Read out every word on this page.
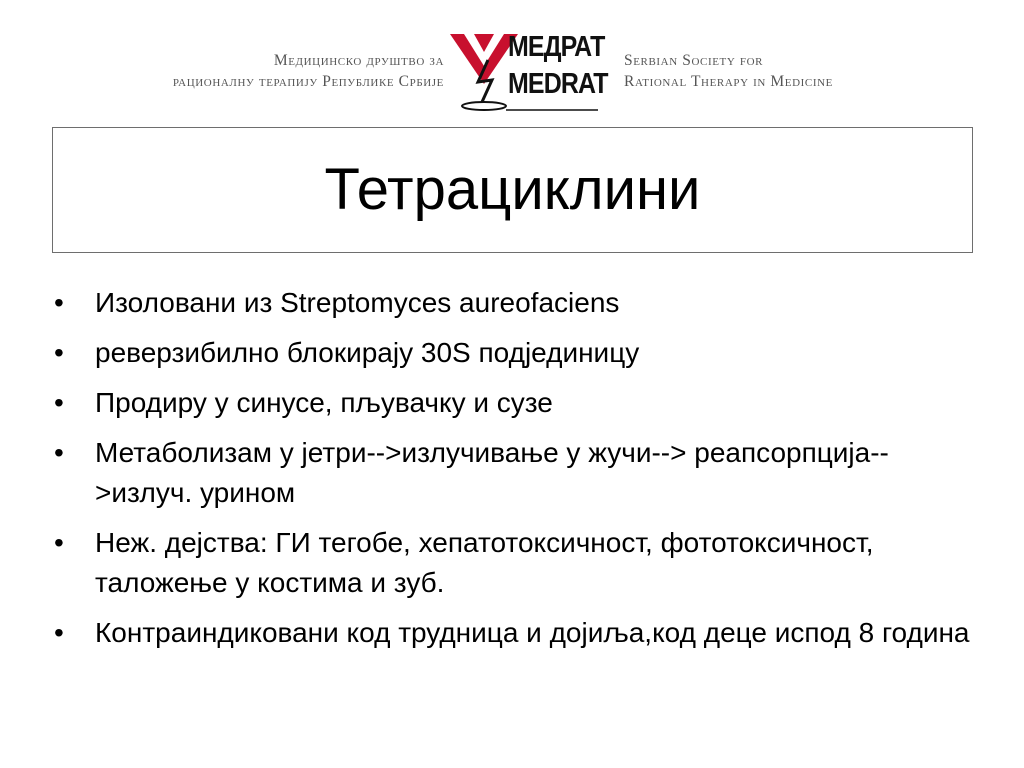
Медицинско друштво за
рационалну терапију Републике Србије
МЕДРАТ
MEDRAT
Serbian Society for
Rational Therapy in Medicine
Тетрациклини
• Изоловани из Streptomyces aureofaciens
• реверзибилно блокирају 30S подјединицу
• Продиру у синусе, пљувачку и сузе
• Метаболизам у јетри-->излучивање у жучи--> реапсорпција-->излуч. урином
• Неж. дејства: ГИ тегобе, хепатотоксичност, фототоксичност, таложење у костима и зуб.
• Контраиндиковани код трудница и дојиља,код деце испод 8 година
